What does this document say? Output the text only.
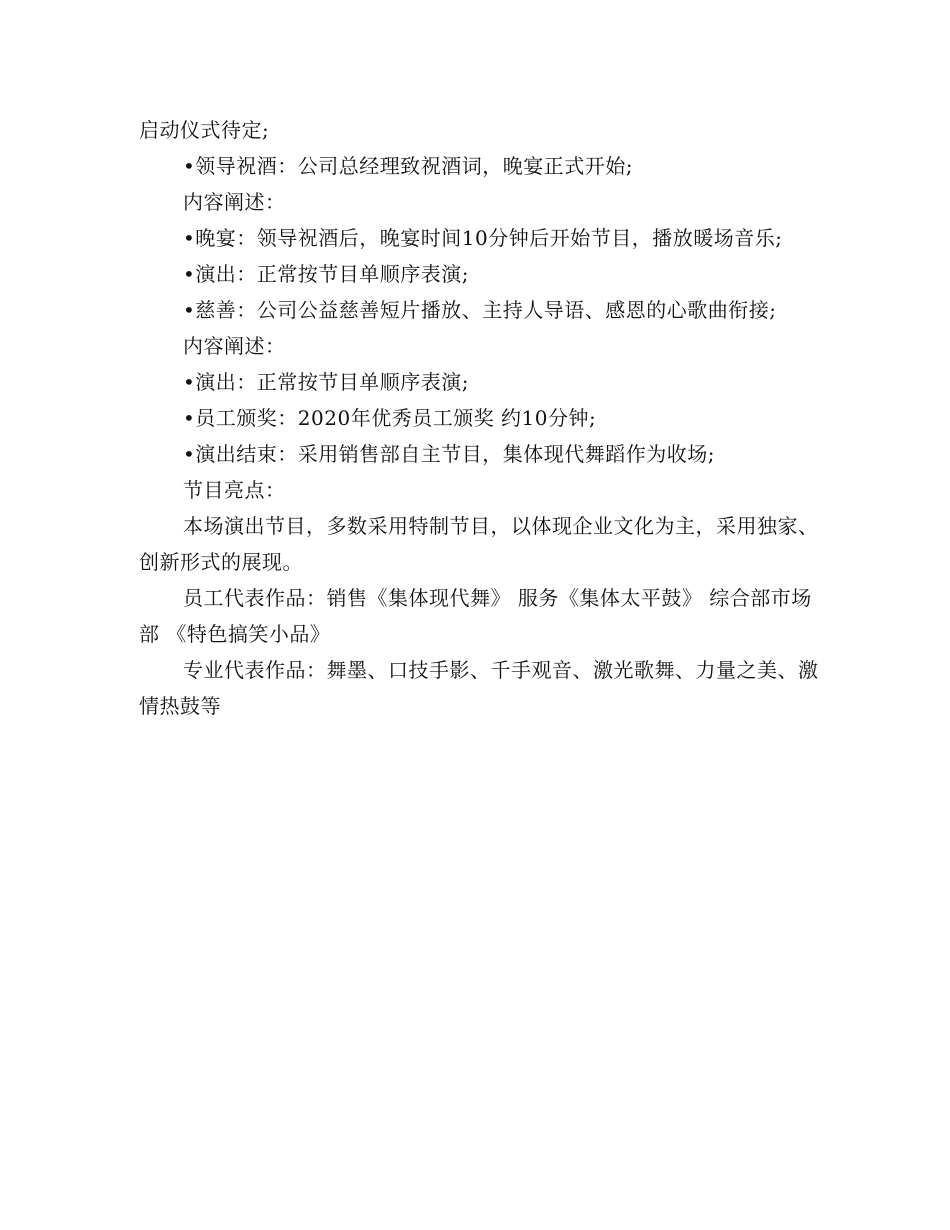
启动仪式待定;

•领导祝酒：公司总经理致祝酒词，晚宴正式开始;

内容阐述：

•晚宴：领导祝酒后，晚宴时间10分钟后开始节目，播放暖场音乐;

•演出：正常按节目单顺序表演;

•慈善：公司公益慈善短片播放、主持人导语、感恩的心歌曲衔接;

内容阐述：

•演出：正常按节目单顺序表演;

•员工颁奖：2020年优秀员工颁奖 约10分钟;

•演出结束：采用销售部自主节目，集体现代舞蹈作为收场;

节目亮点：

本场演出节目，多数采用特制节目，以体现企业文化为主，采用独家、创新形式的展现。

员工代表作品：销售《集体现代舞》 服务《集体太平鼓》 综合部市场部 《特色搞笑小品》

专业代表作品：舞墨、口技手影、千手观音、激光歌舞、力量之美、激情热鼓等
